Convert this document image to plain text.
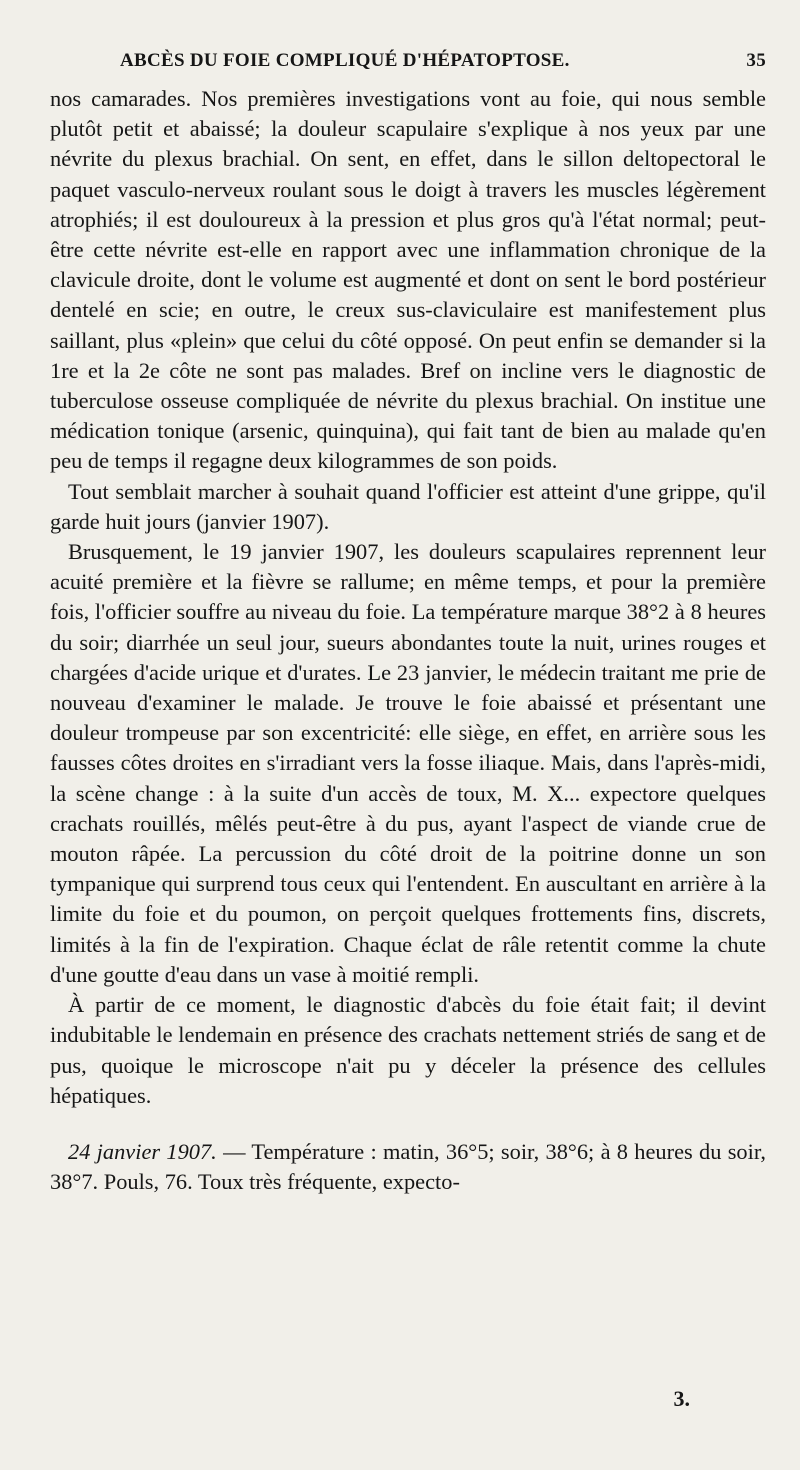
ABCÈS DU FOIE COMPLIQUÉ D'HÉPATOPTOSE.	35

nos camarades. Nos premières investigations vont au foie, qui nous semble plutôt petit et abaissé; la douleur scapulaire s'explique à nos yeux par une névrite du plexus brachial. On sent, en effet, dans le sillon deltopectoral le paquet vasculo-nerveux roulant sous le doigt à travers les muscles légèrement atrophiés; il est douloureux à la pression et plus gros qu'à l'état normal; peut-être cette névrite est-elle en rapport avec une inflammation chronique de la clavicule droite, dont le volume est augmenté et dont on sent le bord postérieur dentelé en scie; en outre, le creux sus-claviculaire est manifestement plus saillant, plus «plein» que celui du côté opposé. On peut enfin se demander si la 1re et la 2e côte ne sont pas malades. Bref on incline vers le diagnostic de tuberculose osseuse compliquée de névrite du plexus brachial. On institue une médication tonique (arsenic, quinquina), qui fait tant de bien au malade qu'en peu de temps il regagne deux kilogrammes de son poids.

Tout semblait marcher à souhait quand l'officier est atteint d'une grippe, qu'il garde huit jours (janvier 1907).

Brusquement, le 19 janvier 1907, les douleurs scapulaires reprennent leur acuité première et la fièvre se rallume; en même temps, et pour la première fois, l'officier souffre au niveau du foie. La température marque 38°2 à 8 heures du soir; diarrhée un seul jour, sueurs abondantes toute la nuit, urines rouges et chargées d'acide urique et d'urates. Le 23 janvier, le médecin traitant me prie de nouveau d'examiner le malade. Je trouve le foie abaissé et présentant une douleur trompeuse par son excentricité: elle siège, en effet, en arrière sous les fausses côtes droites en s'irradiant vers la fosse iliaque. Mais, dans l'après-midi, la scène change : à la suite d'un accès de toux, M. X... expectore quelques crachats rouillés, mêlés peut-être à du pus, ayant l'aspect de viande crue de mouton râpée. La percussion du côté droit de la poitrine donne un son tympanique qui surprend tous ceux qui l'entendent. En auscultant en arrière à la limite du foie et du poumon, on perçoit quelques frottements fins, discrets, limités à la fin de l'expiration. Chaque éclat de râle retentit comme la chute d'une goutte d'eau dans un vase à moitié rempli.

À partir de ce moment, le diagnostic d'abcès du foie était fait; il devint indubitable le lendemain en présence des crachats nettement striés de sang et de pus, quoique le microscope n'ait pu y déceler la présence des cellules hépatiques.

24 janvier 1907. — Température : matin, 36°5; soir, 38°6; à 8 heures du soir, 38°7. Pouls, 76. Toux très fréquente, expecto-

3.
